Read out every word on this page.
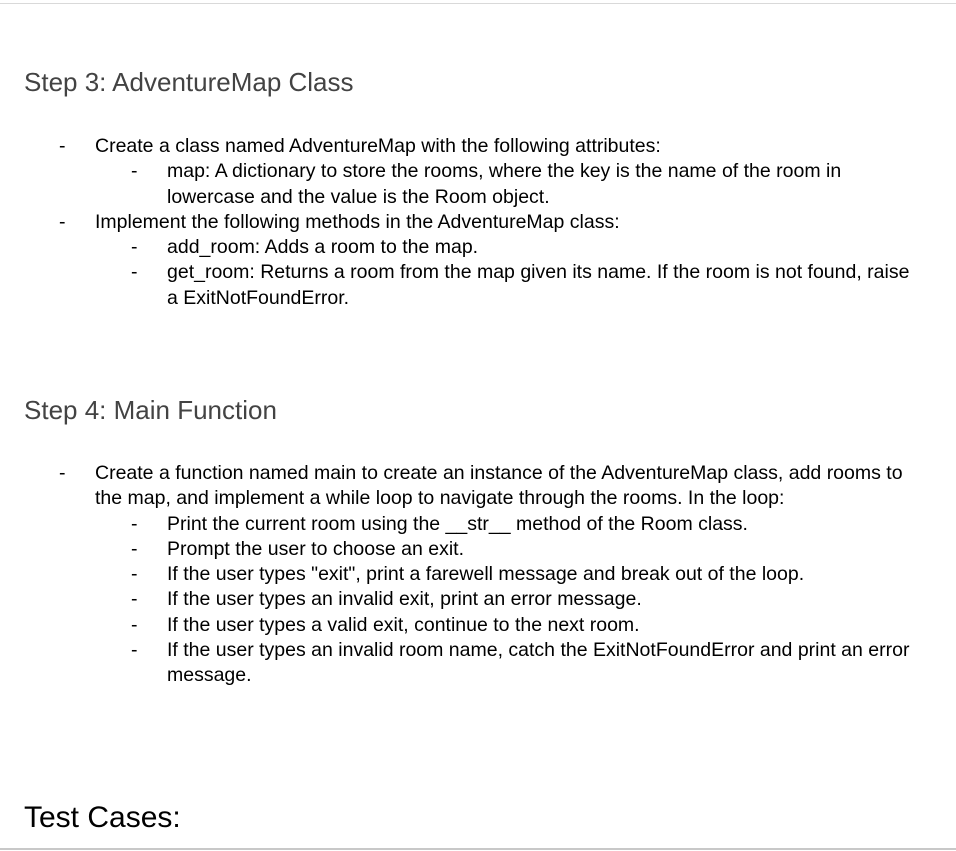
Step 3: AdventureMap Class
- Create a class named AdventureMap with the following attributes:
- map: A dictionary to store the rooms, where the key is the name of the room in lowercase and the value is the Room object.
- Implement the following methods in the AdventureMap class:
- add_room: Adds a room to the map.
- get_room: Returns a room from the map given its name. If the room is not found, raise a ExitNotFoundError.
Step 4: Main Function
- Create a function named main to create an instance of the AdventureMap class, add rooms to the map, and implement a while loop to navigate through the rooms. In the loop:
- Print the current room using the __str__ method of the Room class.
- Prompt the user to choose an exit.
- If the user types "exit", print a farewell message and break out of the loop.
- If the user types an invalid exit, print an error message.
- If the user types a valid exit, continue to the next room.
- If the user types an invalid room name, catch the ExitNotFoundError and print an error message.
Test Cases:
